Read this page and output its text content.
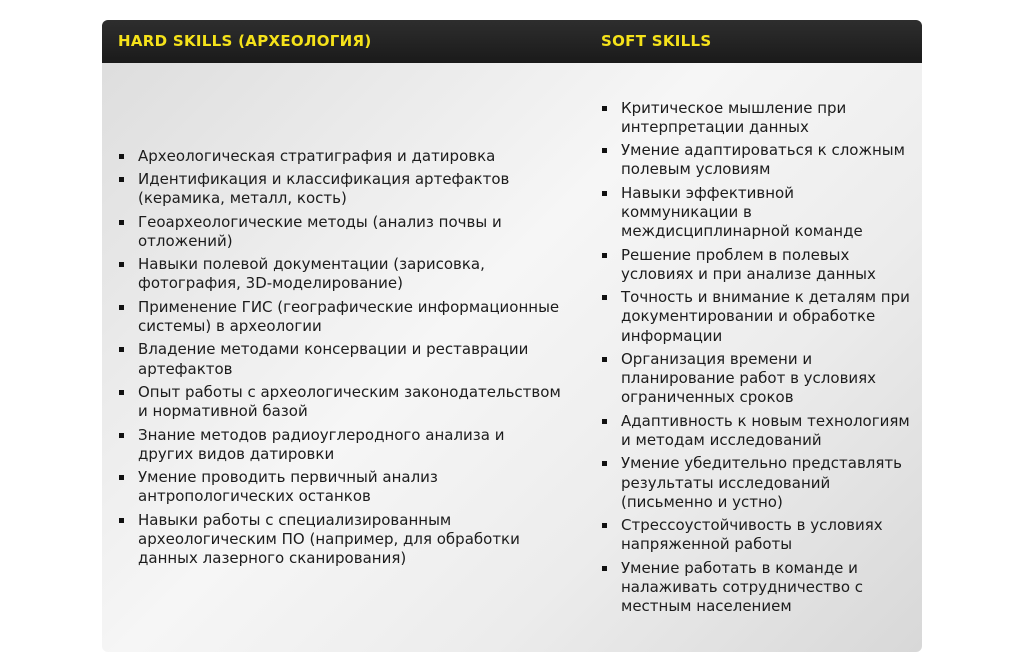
HARD SKILLS (АРХЕОЛОГИЯ)	SOFT SKILLS
Археологическая стратиграфия и датировка
Идентификация и классификация артефактов (керамика, металл, кость)
Геоархеологические методы (анализ почвы и отложений)
Навыки полевой документации (зарисовка, фотография, 3D-моделирование)
Применение ГИС (географические информационные системы) в археологии
Владение методами консервации и реставрации артефактов
Опыт работы с археологическим законодательством и нормативной базой
Знание методов радиоуглеродного анализа и других видов датировки
Умение проводить первичный анализ антропологических останков
Навыки работы с специализированным археологическим ПО (например, для обработки данных лазерного сканирования)
Критическое мышление при интерпретации данных
Умение адаптироваться к сложным полевым условиям
Навыки эффективной коммуникации в междисциплинарной команде
Решение проблем в полевых условиях и при анализе данных
Точность и внимание к деталям при документировании и обработке информации
Организация времени и планирование работ в условиях ограниченных сроков
Адаптивность к новым технологиям и методам исследований
Умение убедительно представлять результаты исследований (письменно и устно)
Стрессоустойчивость в условиях напряженной работы
Умение работать в команде и налаживать сотрудничество с местным населением
